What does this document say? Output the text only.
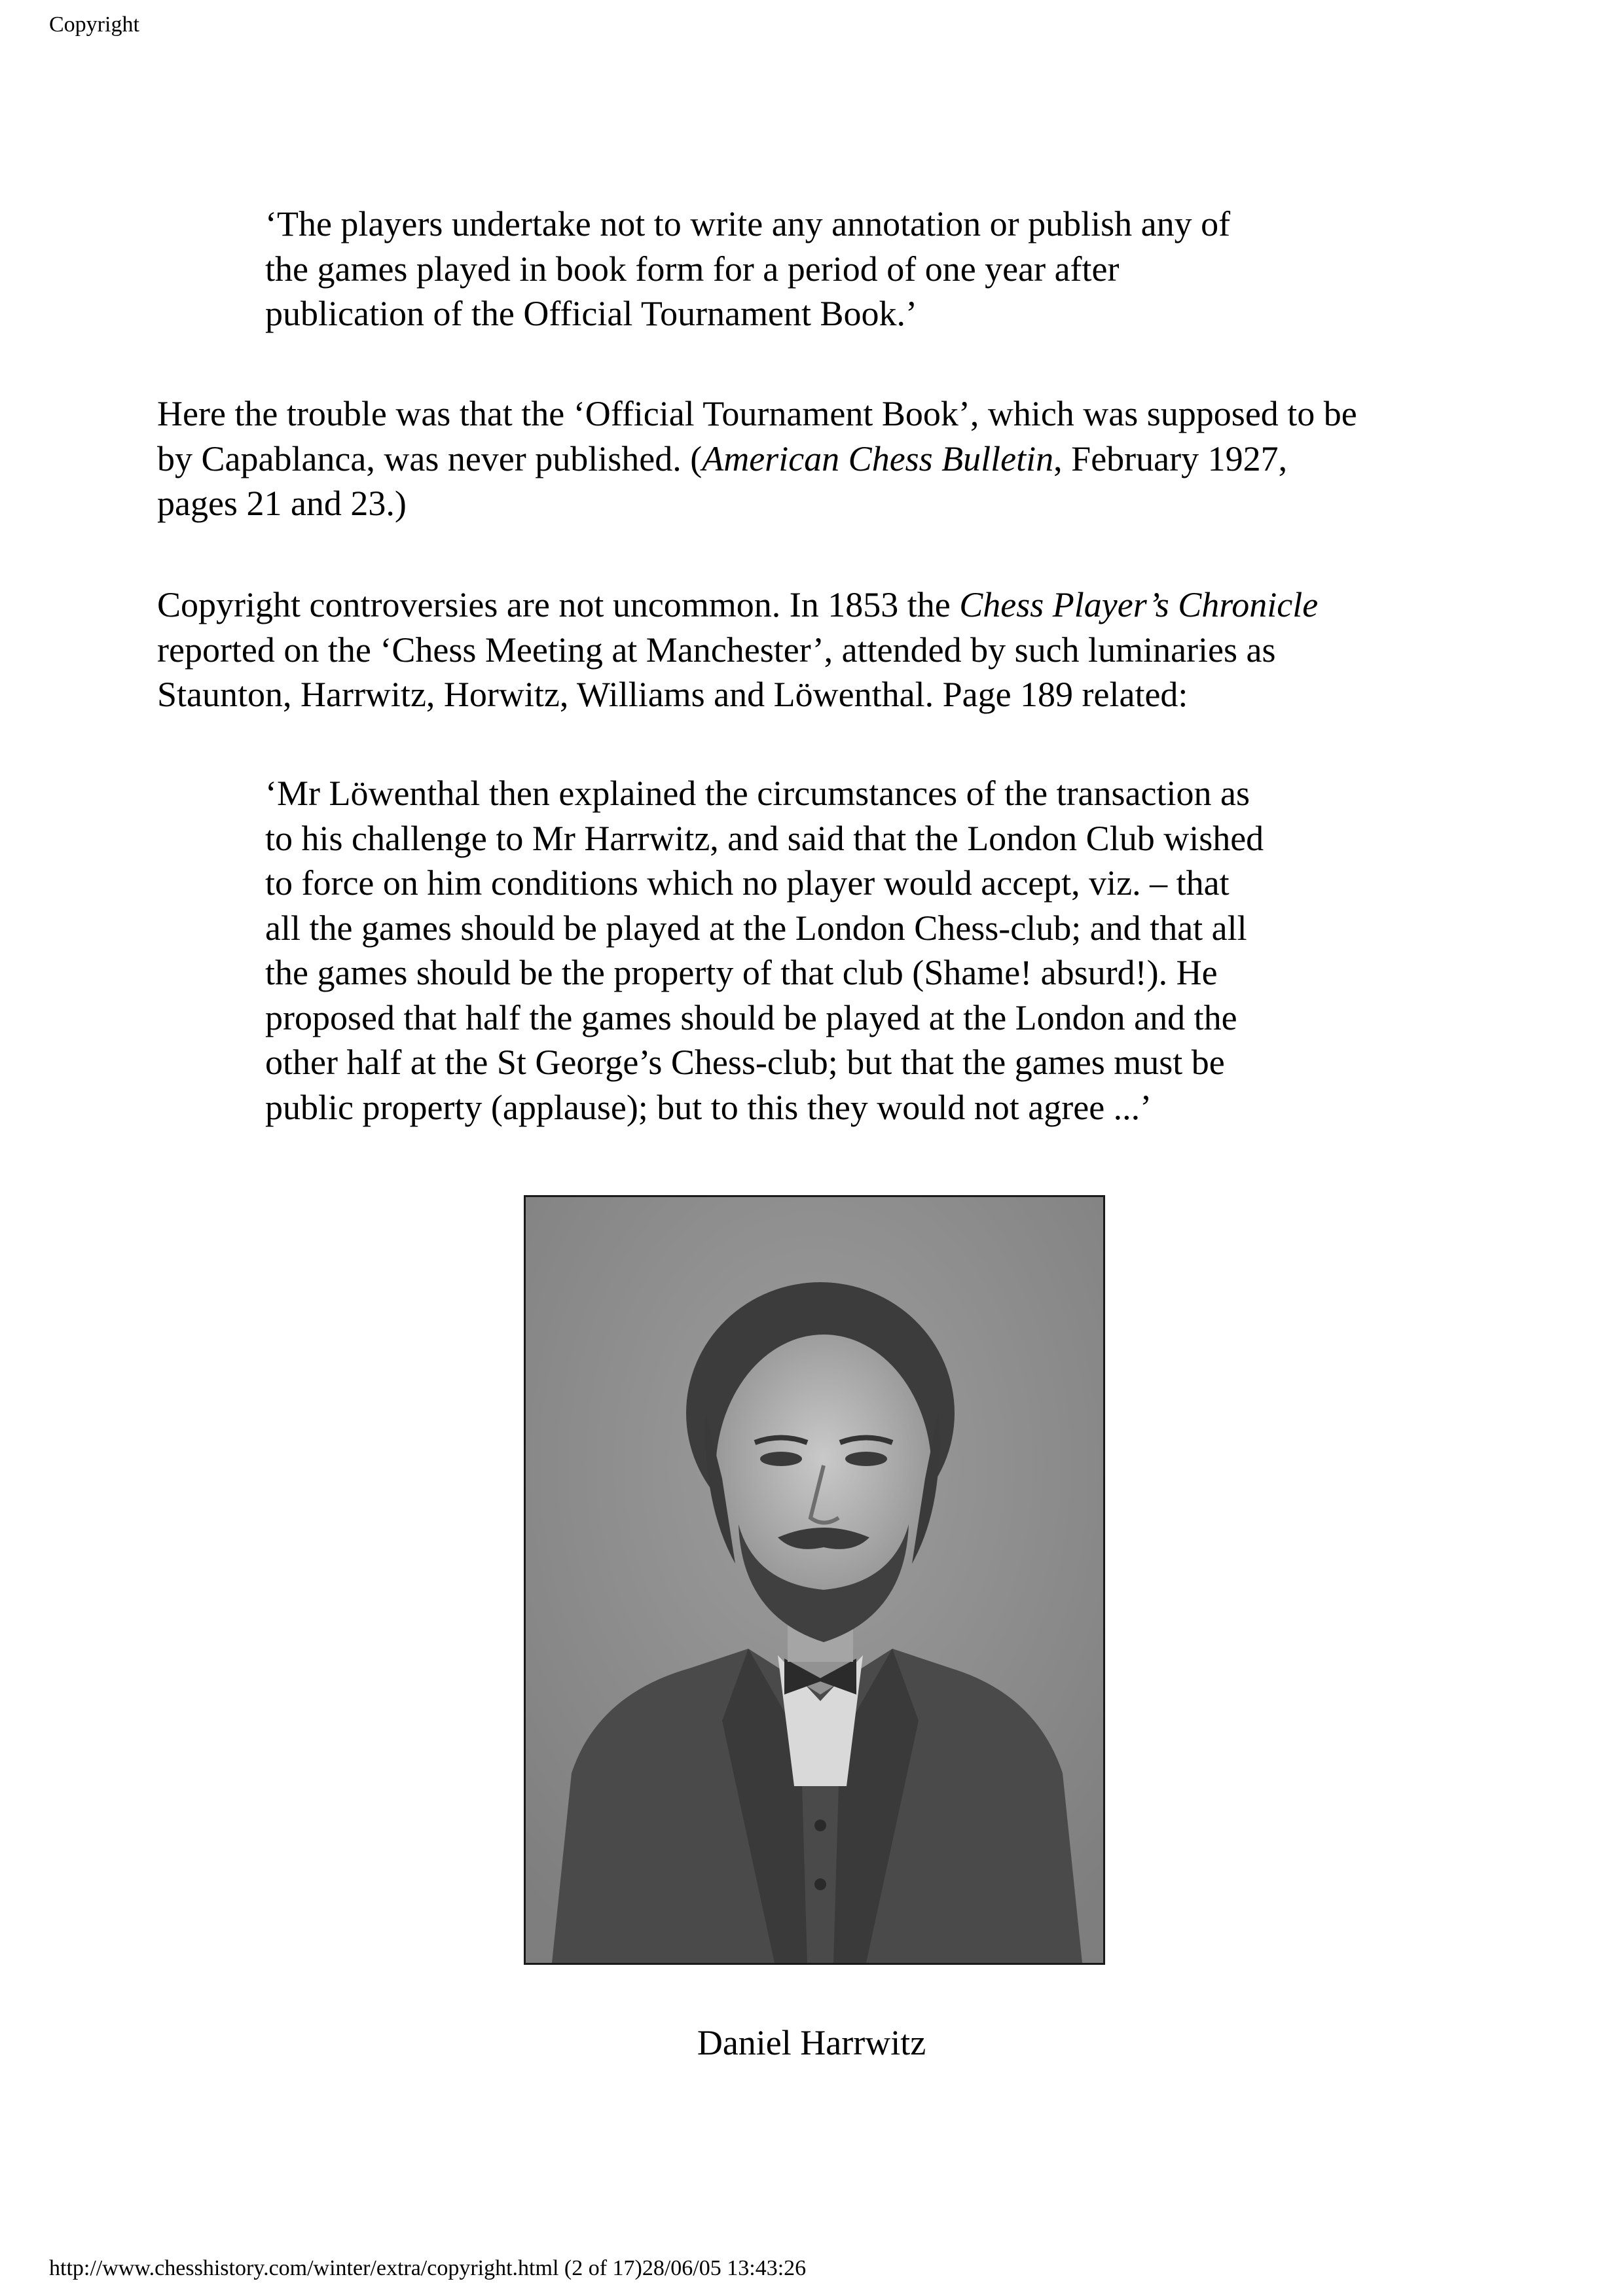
Copyright
‘The players undertake not to write any annotation or publish any of
the games played in book form for a period of one year after
publication of the Official Tournament Book.’
Here the trouble was that the ‘Official Tournament Book’, which was supposed to be
by Capablanca, was never published. (American Chess Bulletin, February 1927,
pages 21 and 23.)
Copyright controversies are not uncommon. In 1853 the Chess Player’s Chronicle
reported on the ‘Chess Meeting at Manchester’, attended by such luminaries as
Staunton, Harrwitz, Horwitz, Williams and Löwenthal. Page 189 related:
‘Mr Löwenthal then explained the circumstances of the transaction as
to his challenge to Mr Harrwitz, and said that the London Club wished
to force on him conditions which no player would accept, viz. – that
all the games should be played at the London Chess-club; and that all
the games should be the property of that club (Shame! absurd!). He
proposed that half the games should be played at the London and the
other half at the St George’s Chess-club; but that the games must be
public property (applause); but to this they would not agree ...’
Daniel Harrwitz
http://www.chesshistory.com/winter/extra/copyright.html (2 of 17)28/06/05 13:43:26
